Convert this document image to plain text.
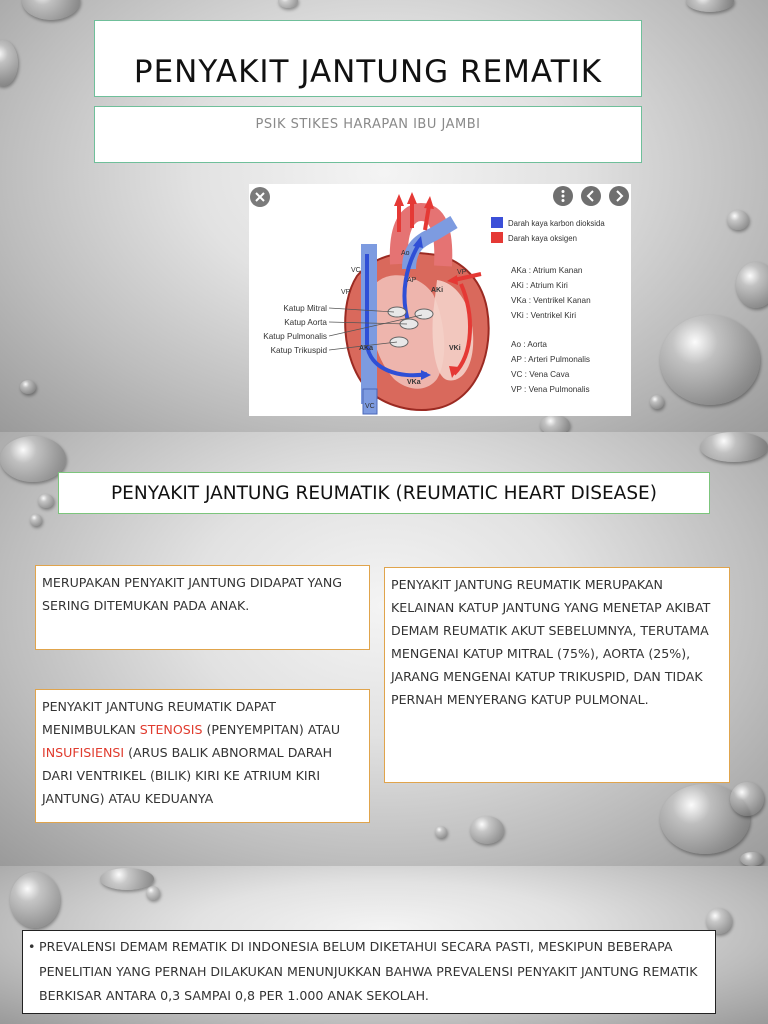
PENYAKIT JANTUNG REMATIK
PSIK STIKES HARAPAN IBU JAMBI
Ao
AP
VC
VC
VP
VP
AKi
AKa	VKi
VKa
Katup Mitral
Katup Aorta
Katup Pulmonalis
Katup Trikuspid
Darah kaya karbon dioksida
Darah kaya oksigen
AKa : Atrium Kanan
AKi : Atrium Kiri
VKa : Ventrikel Kanan
VKi : Ventrikel Kiri
Ao : Aorta
AP : Arteri Pulmonalis
VC : Vena Cava
VP : Vena Pulmonalis
PENYAKIT JANTUNG REUMATIK (REUMATIC HEART DISEASE)
MERUPAKAN PENYAKIT JANTUNG DIDAPAT YANG SERING DITEMUKAN PADA ANAK.
PENYAKIT JANTUNG REUMATIK DAPAT MENIMBULKAN STENOSIS (PENYEMPITAN) ATAU INSUFISIENSI (ARUS BALIK ABNORMAL DARAH DARI VENTRIKEL (BILIK) KIRI KE ATRIUM KIRI JANTUNG) ATAU KEDUANYA
PENYAKIT JANTUNG REUMATIK MERUPAKAN KELAINAN KATUP JANTUNG YANG MENETAP AKIBAT DEMAM REUMATIK AKUT SEBELUMNYA, TERUTAMA MENGENAI KATUP MITRAL (75%), AORTA (25%), JARANG MENGENAI KATUP TRIKUSPID, DAN TIDAK PERNAH MENYERANG KATUP PULMONAL.
• PREVALENSI DEMAM REMATIK DI INDONESIA BELUM DIKETAHUI SECARA PASTI, MESKIPUN BEBERAPA PENELITIAN YANG PERNAH DILAKUKAN MENUNJUKKAN BAHWA PREVALENSI PENYAKIT JANTUNG REMATIK BERKISAR ANTARA 0,3 SAMPAI 0,8 PER 1.000 ANAK SEKOLAH.
